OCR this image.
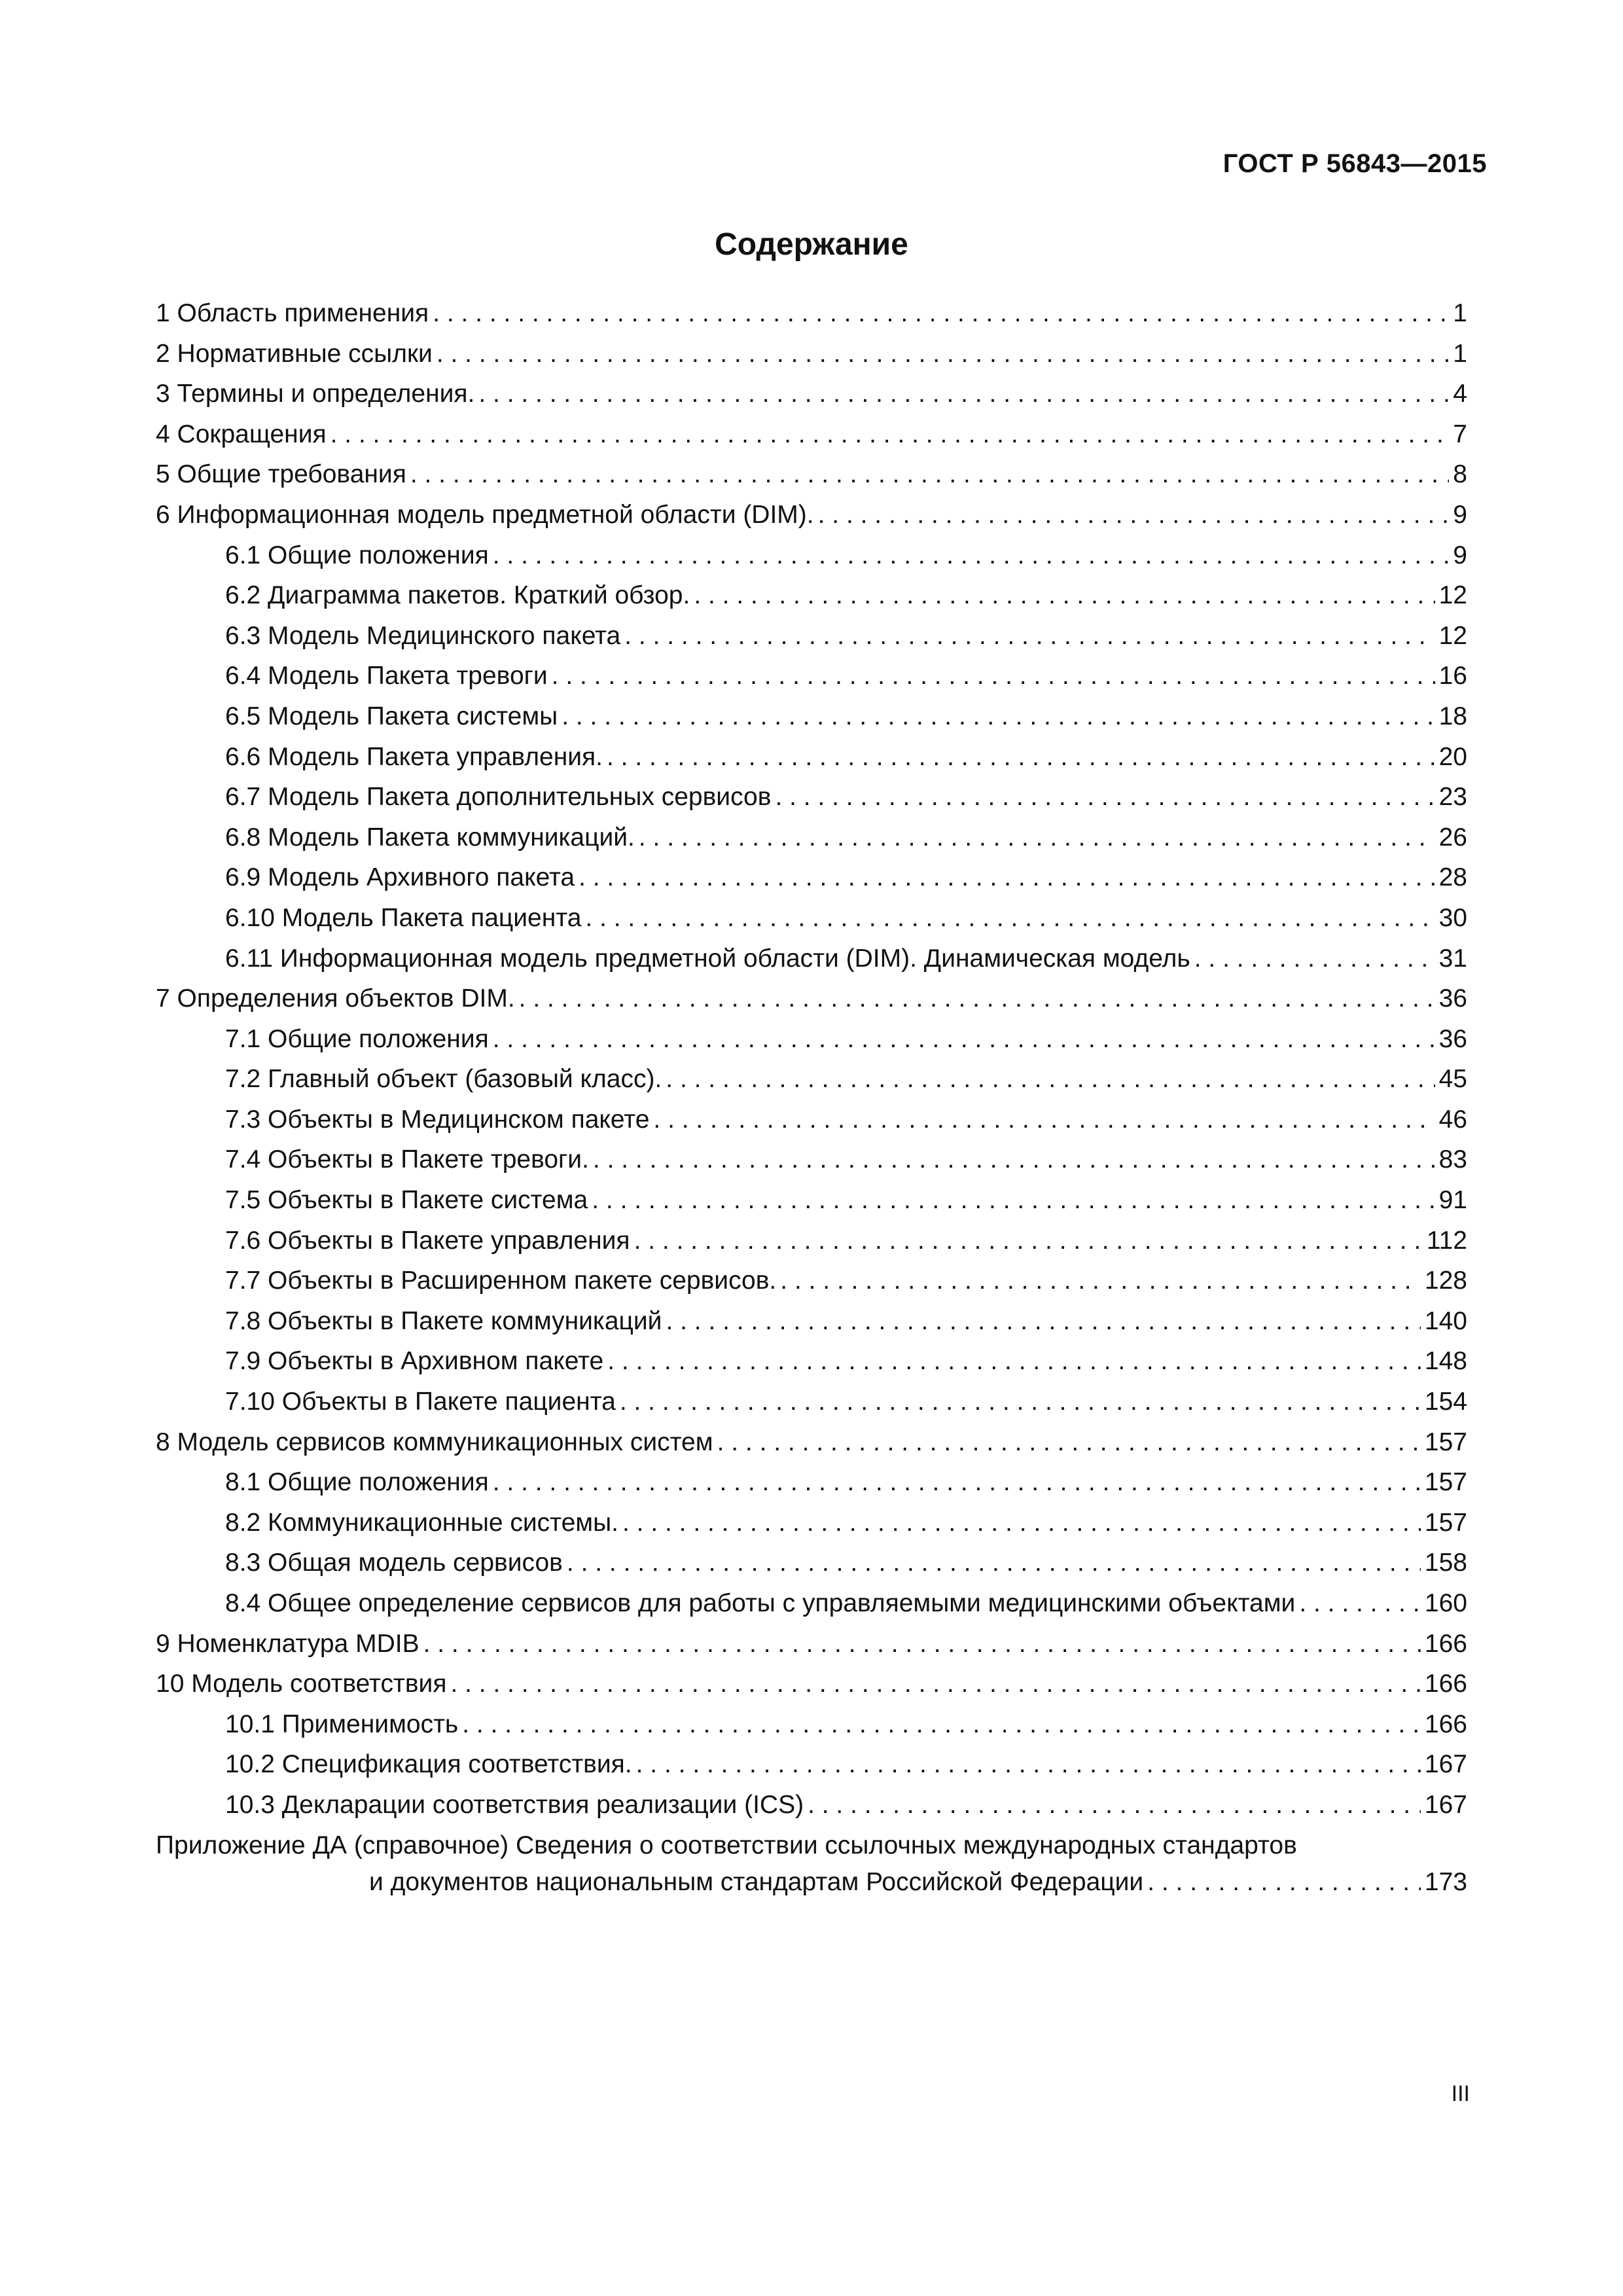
ГОСТ Р 56843—2015
Содержание
1 Область применения . . .	1
2 Нормативные ссылки . . .	1
3 Термины и определения. . . .	4
4 Сокращения . . .	7
5 Общие требования . . .	8
6 Информационная модель предметной области (DIM). . . .	9
6.1 Общие положения . . .	9
6.2 Диаграмма пакетов. Краткий обзор. . . .	12
6.3 Модель Медицинского пакета . . .	12
6.4 Модель Пакета тревоги . . .	16
6.5 Модель Пакета системы . . .	18
6.6 Модель Пакета управления. . . .	20
6.7 Модель Пакета дополнительных сервисов . . .	23
6.8 Модель Пакета коммуникаций. . . .	26
6.9 Модель Архивного пакета . . .	28
6.10 Модель Пакета пациента . . .	30
6.11 Информационная модель предметной области (DIM). Динамическая модель . . .	31
7 Определения объектов DIM. . . .	36
7.1 Общие положения . . .	36
7.2 Главный объект (базовый класс). . . .	45
7.3 Объекты в Медицинском пакете . . .	46
7.4 Объекты в Пакете тревоги. . . .	83
7.5 Объекты в Пакете система . . .	91
7.6 Объекты в Пакете управления . . .	112
7.7 Объекты в Расширенном пакете сервисов. . . .	128
7.8 Объекты в Пакете коммуникаций . . .	140
7.9 Объекты в Архивном пакете . . .	148
7.10 Объекты в Пакете пациента . . .	154
8 Модель сервисов коммуникационных систем . . .	157
8.1 Общие положения . . .	157
8.2 Коммуникационные системы. . . .	157
8.3 Общая модель сервисов . . .	158
8.4 Общее определение сервисов для работы с управляемыми медицинскими объектами . . .	160
9 Номенклатура MDIB . . .	166
10 Модель соответствия . . .	166
10.1 Применимость . . .	166
10.2 Спецификация соответствия. . . .	167
10.3 Декларации соответствия реализации (ICS) . . .	167
Приложение ДА (справочное) Сведения о соответствии ссылочных международных стандартов
и документов национальным стандартам Российской Федерации . . .	173
III
